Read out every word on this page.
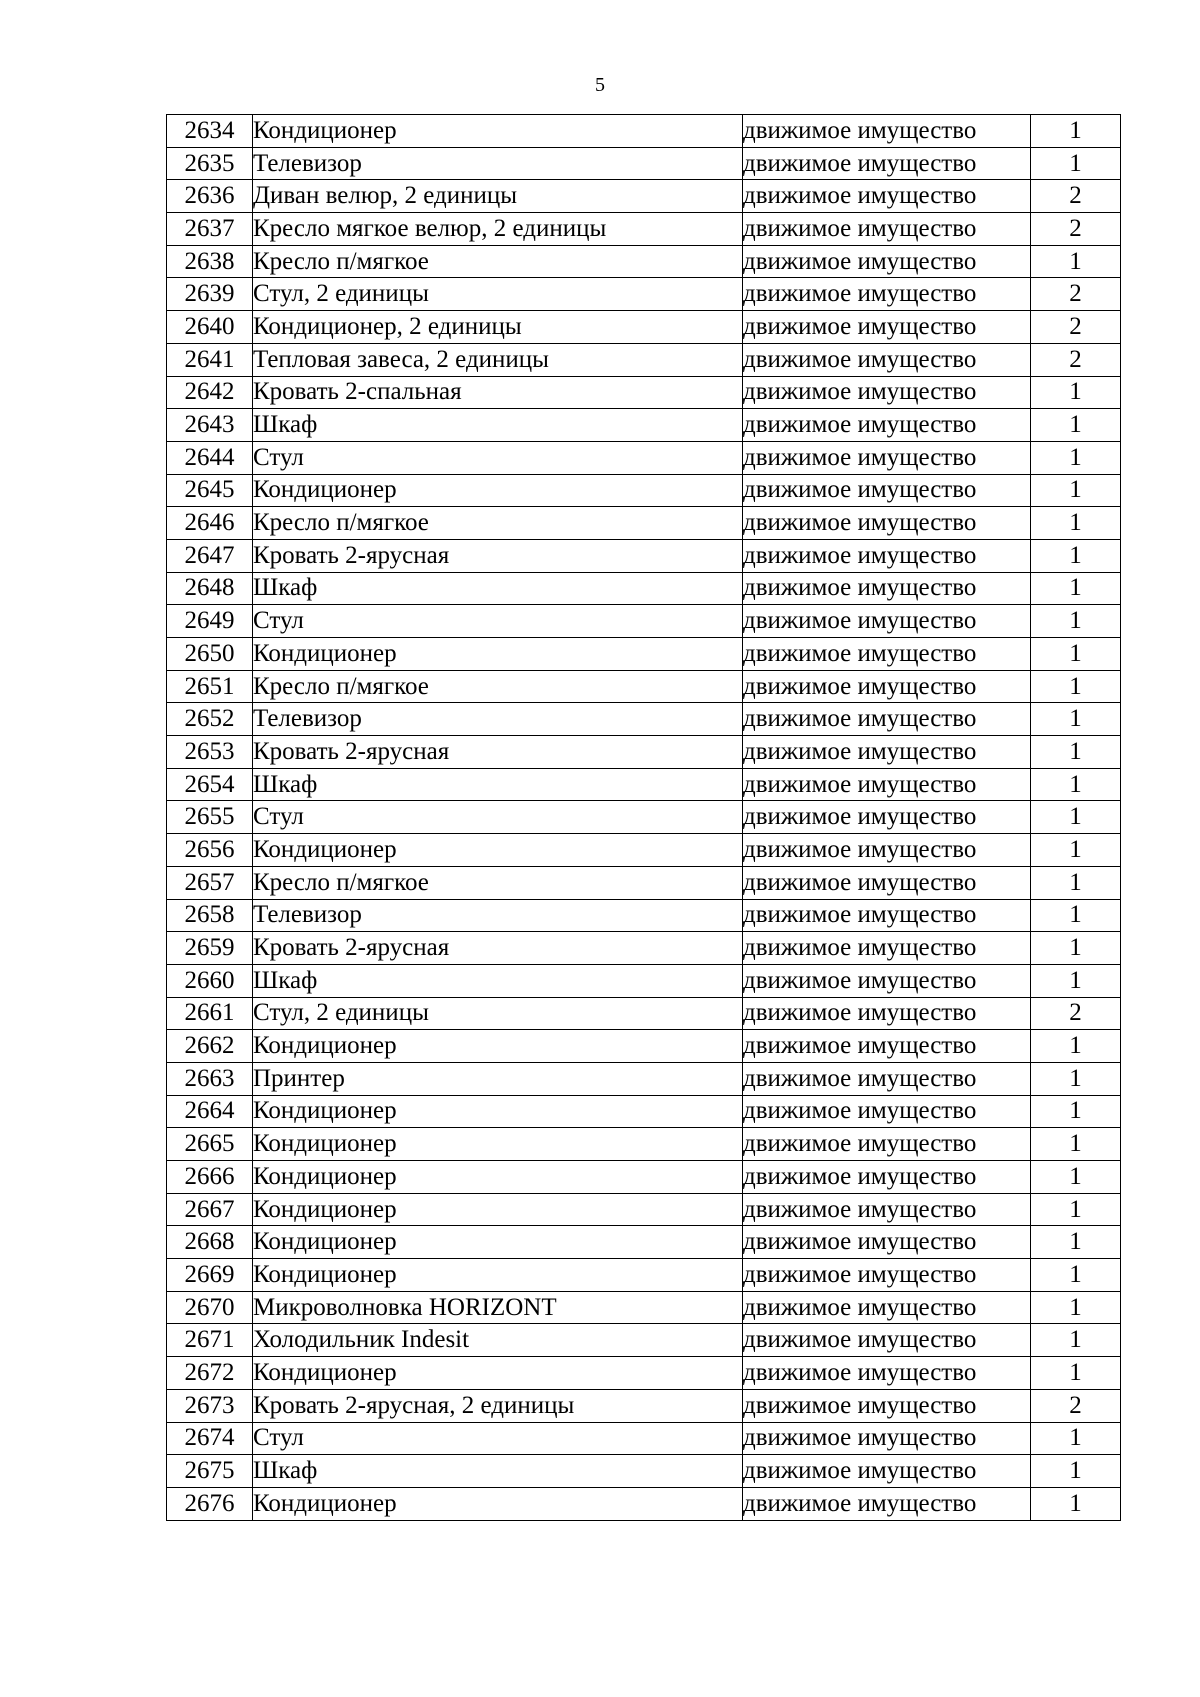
5
2634	Кондиционер	движимое имущество	1
2635	Телевизор	движимое имущество	1
2636	Диван велюр, 2 единицы	движимое имущество	2
2637	Кресло мягкое велюр, 2 единицы	движимое имущество	2
2638	Кресло п/мягкое	движимое имущество	1
2639	Стул, 2 единицы	движимое имущество	2
2640	Кондиционер, 2 единицы	движимое имущество	2
2641	Тепловая завеса, 2 единицы	движимое имущество	2
2642	Кровать 2-спальная	движимое имущество	1
2643	Шкаф	движимое имущество	1
2644	Стул	движимое имущество	1
2645	Кондиционер	движимое имущество	1
2646	Кресло п/мягкое	движимое имущество	1
2647	Кровать 2-ярусная	движимое имущество	1
2648	Шкаф	движимое имущество	1
2649	Стул	движимое имущество	1
2650	Кондиционер	движимое имущество	1
2651	Кресло п/мягкое	движимое имущество	1
2652	Телевизор	движимое имущество	1
2653	Кровать 2-ярусная	движимое имущество	1
2654	Шкаф	движимое имущество	1
2655	Стул	движимое имущество	1
2656	Кондиционер	движимое имущество	1
2657	Кресло п/мягкое	движимое имущество	1
2658	Телевизор	движимое имущество	1
2659	Кровать 2-ярусная	движимое имущество	1
2660	Шкаф	движимое имущество	1
2661	Стул, 2 единицы	движимое имущество	2
2662	Кондиционер	движимое имущество	1
2663	Принтер	движимое имущество	1
2664	Кондиционер	движимое имущество	1
2665	Кондиционер	движимое имущество	1
2666	Кондиционер	движимое имущество	1
2667	Кондиционер	движимое имущество	1
2668	Кондиционер	движимое имущество	1
2669	Кондиционер	движимое имущество	1
2670	Микроволновка HORIZONT	движимое имущество	1
2671	Холодильник Indesit	движимое имущество	1
2672	Кондиционер	движимое имущество	1
2673	Кровать 2-ярусная, 2 единицы	движимое имущество	2
2674	Стул	движимое имущество	1
2675	Шкаф	движимое имущество	1
2676	Кондиционер	движимое имущество	1
